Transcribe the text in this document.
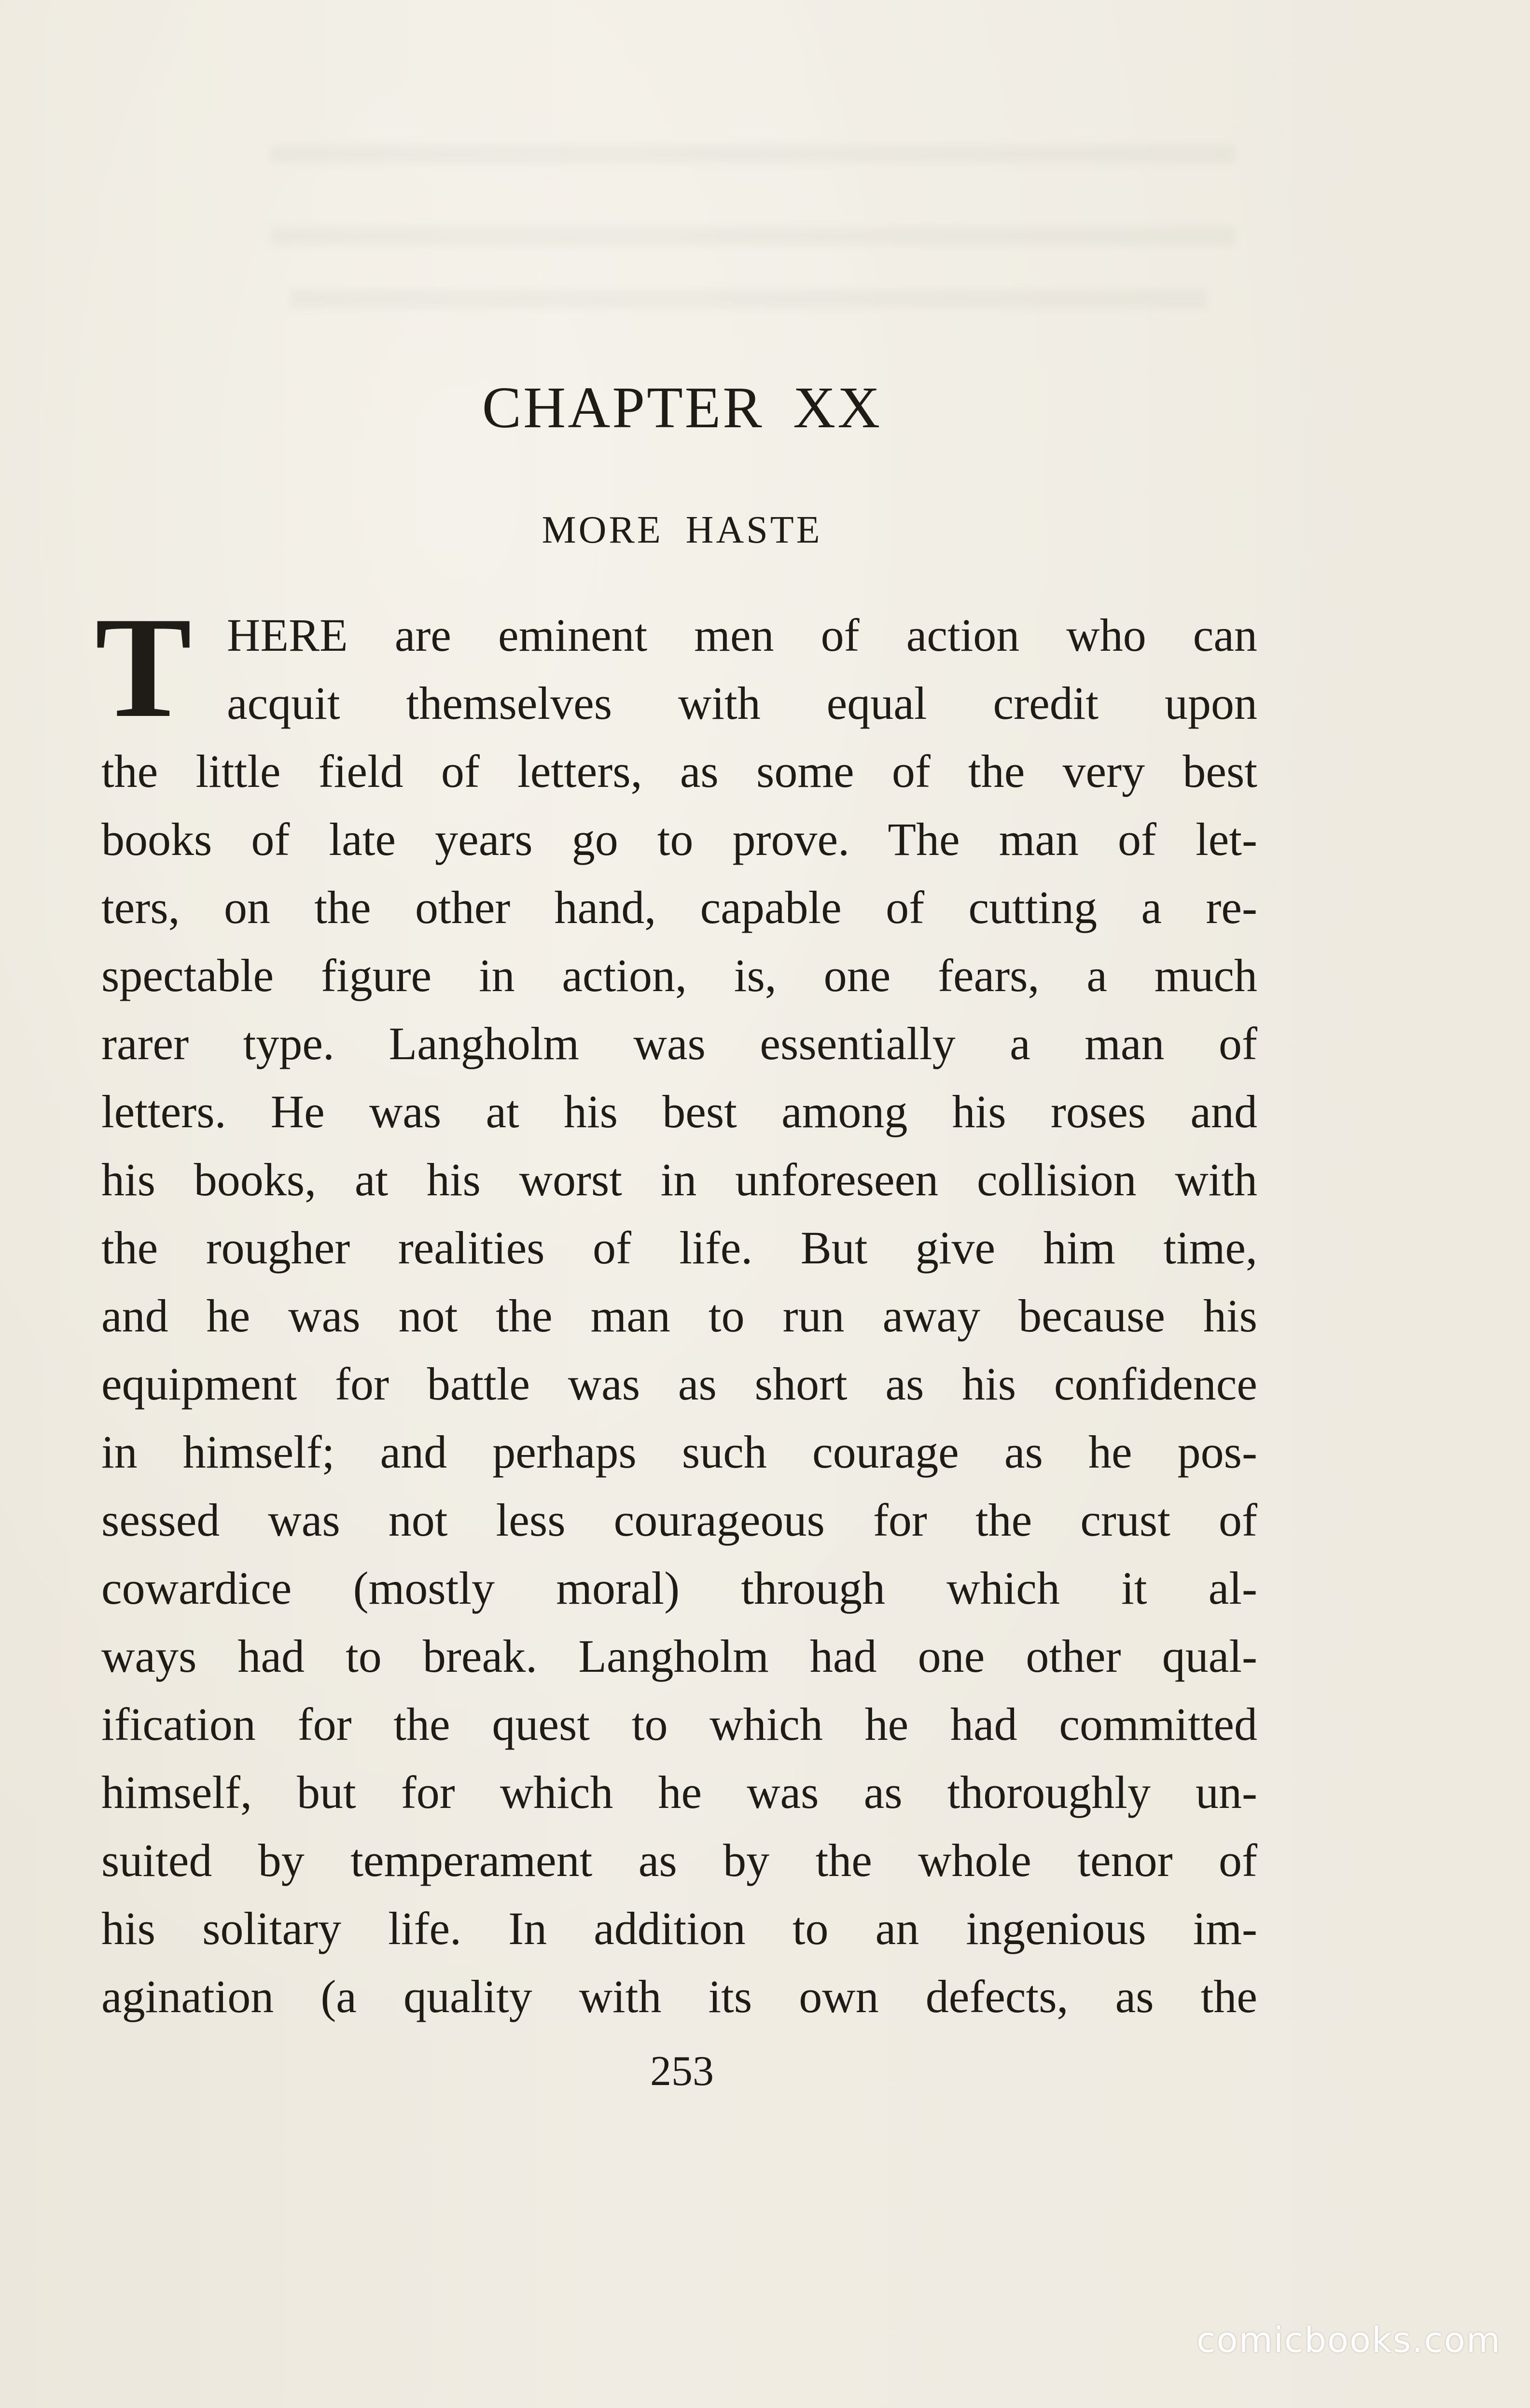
CHAPTER XX
MORE HASTE
T HERE are eminent men of action who can
acquit themselves with equal credit upon
the little field of letters, as some of the very best
books of late years go to prove. The man of let-
ters, on the other hand, capable of cutting a re-
spectable figure in action, is, one fears, a much
rarer type. Langholm was essentially a man of
letters. He was at his best among his roses and
his books, at his worst in unforeseen collision with
the rougher realities of life. But give him time,
and he was not the man to run away because his
equipment for battle was as short as his confidence
in himself; and perhaps such courage as he pos-
sessed was not less courageous for the crust of
cowardice (mostly moral) through which it al-
ways had to break. Langholm had one other qual-
ification for the quest to which he had committed
himself, but for which he was as thoroughly un-
suited by temperament as by the whole tenor of
his solitary life. In addition to an ingenious im-
agination (a quality with its own defects, as the
253
comicbooks.com
